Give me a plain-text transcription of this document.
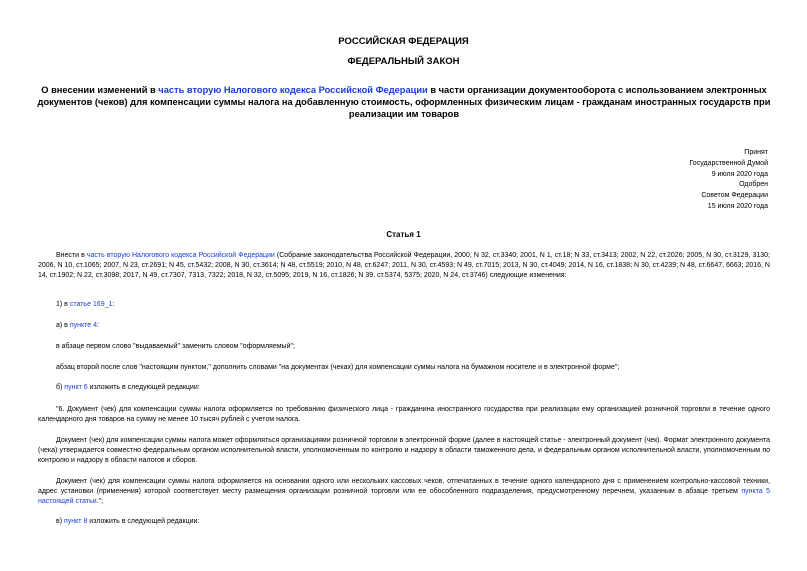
РОССИЙСКАЯ ФЕДЕРАЦИЯ
ФЕДЕРАЛЬНЫЙ ЗАКОН
О внесении изменений в часть вторую Налогового кодекса Российской Федерации в части организации документооборота с использованием электронных документов (чеков) для компенсации суммы налога на добавленную стоимость, оформленных физическим лицам - гражданам иностранных государств при реализации им товаров
Принят
Государственной Думой
9 июля 2020 года
Одобрен
Советом Федерации
15 июля 2020 года
Статья 1
Внести в часть вторую Налогового кодекса Российской Федерации (Собрание законодательства Российской Федерации, 2000, N 32, ст.3340; 2001, N 1, ст.18; N 33, ст.3413; 2002, N 22, ст.2026; 2005, N 30, ст.3129, 3130; 2006, N 10, ст.1065; 2007, N 23, ст.2691; N 45, ст.5432; 2008, N 30, ст.3614; N 48, ст.5519; 2010, N 48, ст.6247; 2011, N 30, ст.4593; N 49, ст.7015; 2013, N 30, ст.4049; 2014, N 16, ст.1838; N 30, ст.4239; N 48, ст.6647, 6663; 2016, N 14, ст.1902; N 22, ст.3098; 2017, N 49, ст.7307, 7313, 7322; 2018, N 32, ст.5095; 2019, N 16, ст.1826; N 39, ст.5374, 5375; 2020, N 24, ст.3746) следующие изменения:
1) в статье 169_1:
а) в пункте 4:
в абзаце первом слово "выдаваемый" заменить словом "оформляемый";
абзац второй после слов "настоящим пунктом," дополнить словами "на документах (чеках) для компенсации суммы налога на бумажном носителе и в электронной форме";
б) пункт 6 изложить в следующей редакции:
"6. Документ (чек) для компенсации суммы налога оформляется по требованию физического лица - гражданина иностранного государства при реализации ему организацией розничной торговли в течение одного календарного дня товаров на сумму не менее 10 тысяч рублей с учетом налога.
Документ (чек) для компенсации суммы налога может оформляться организациями розничной торговли в электронной форме (далее в настоящей статье - электронный документ (чек). Формат электронного документа (чека) утверждается совместно федеральным органом исполнительной власти, уполномоченным по контролю и надзору в области таможенного дела, и федеральным органом исполнительной власти, уполномоченным по контролю и надзору в области налогов и сборов.
Документ (чек) для компенсации суммы налога оформляется на основании одного или нескольких кассовых чеков, отпечатанных в течение одного календарного дня с применением контрольно-кассовой техники, адрес установки (применения) которой соответствует месту размещения организации розничной торговли или ее обособленного подразделения, предусмотренному перечнем, указанным в абзаце третьем пункта 5 настоящей статьи.";
в) пункт 8 изложить в следующей редакции:
